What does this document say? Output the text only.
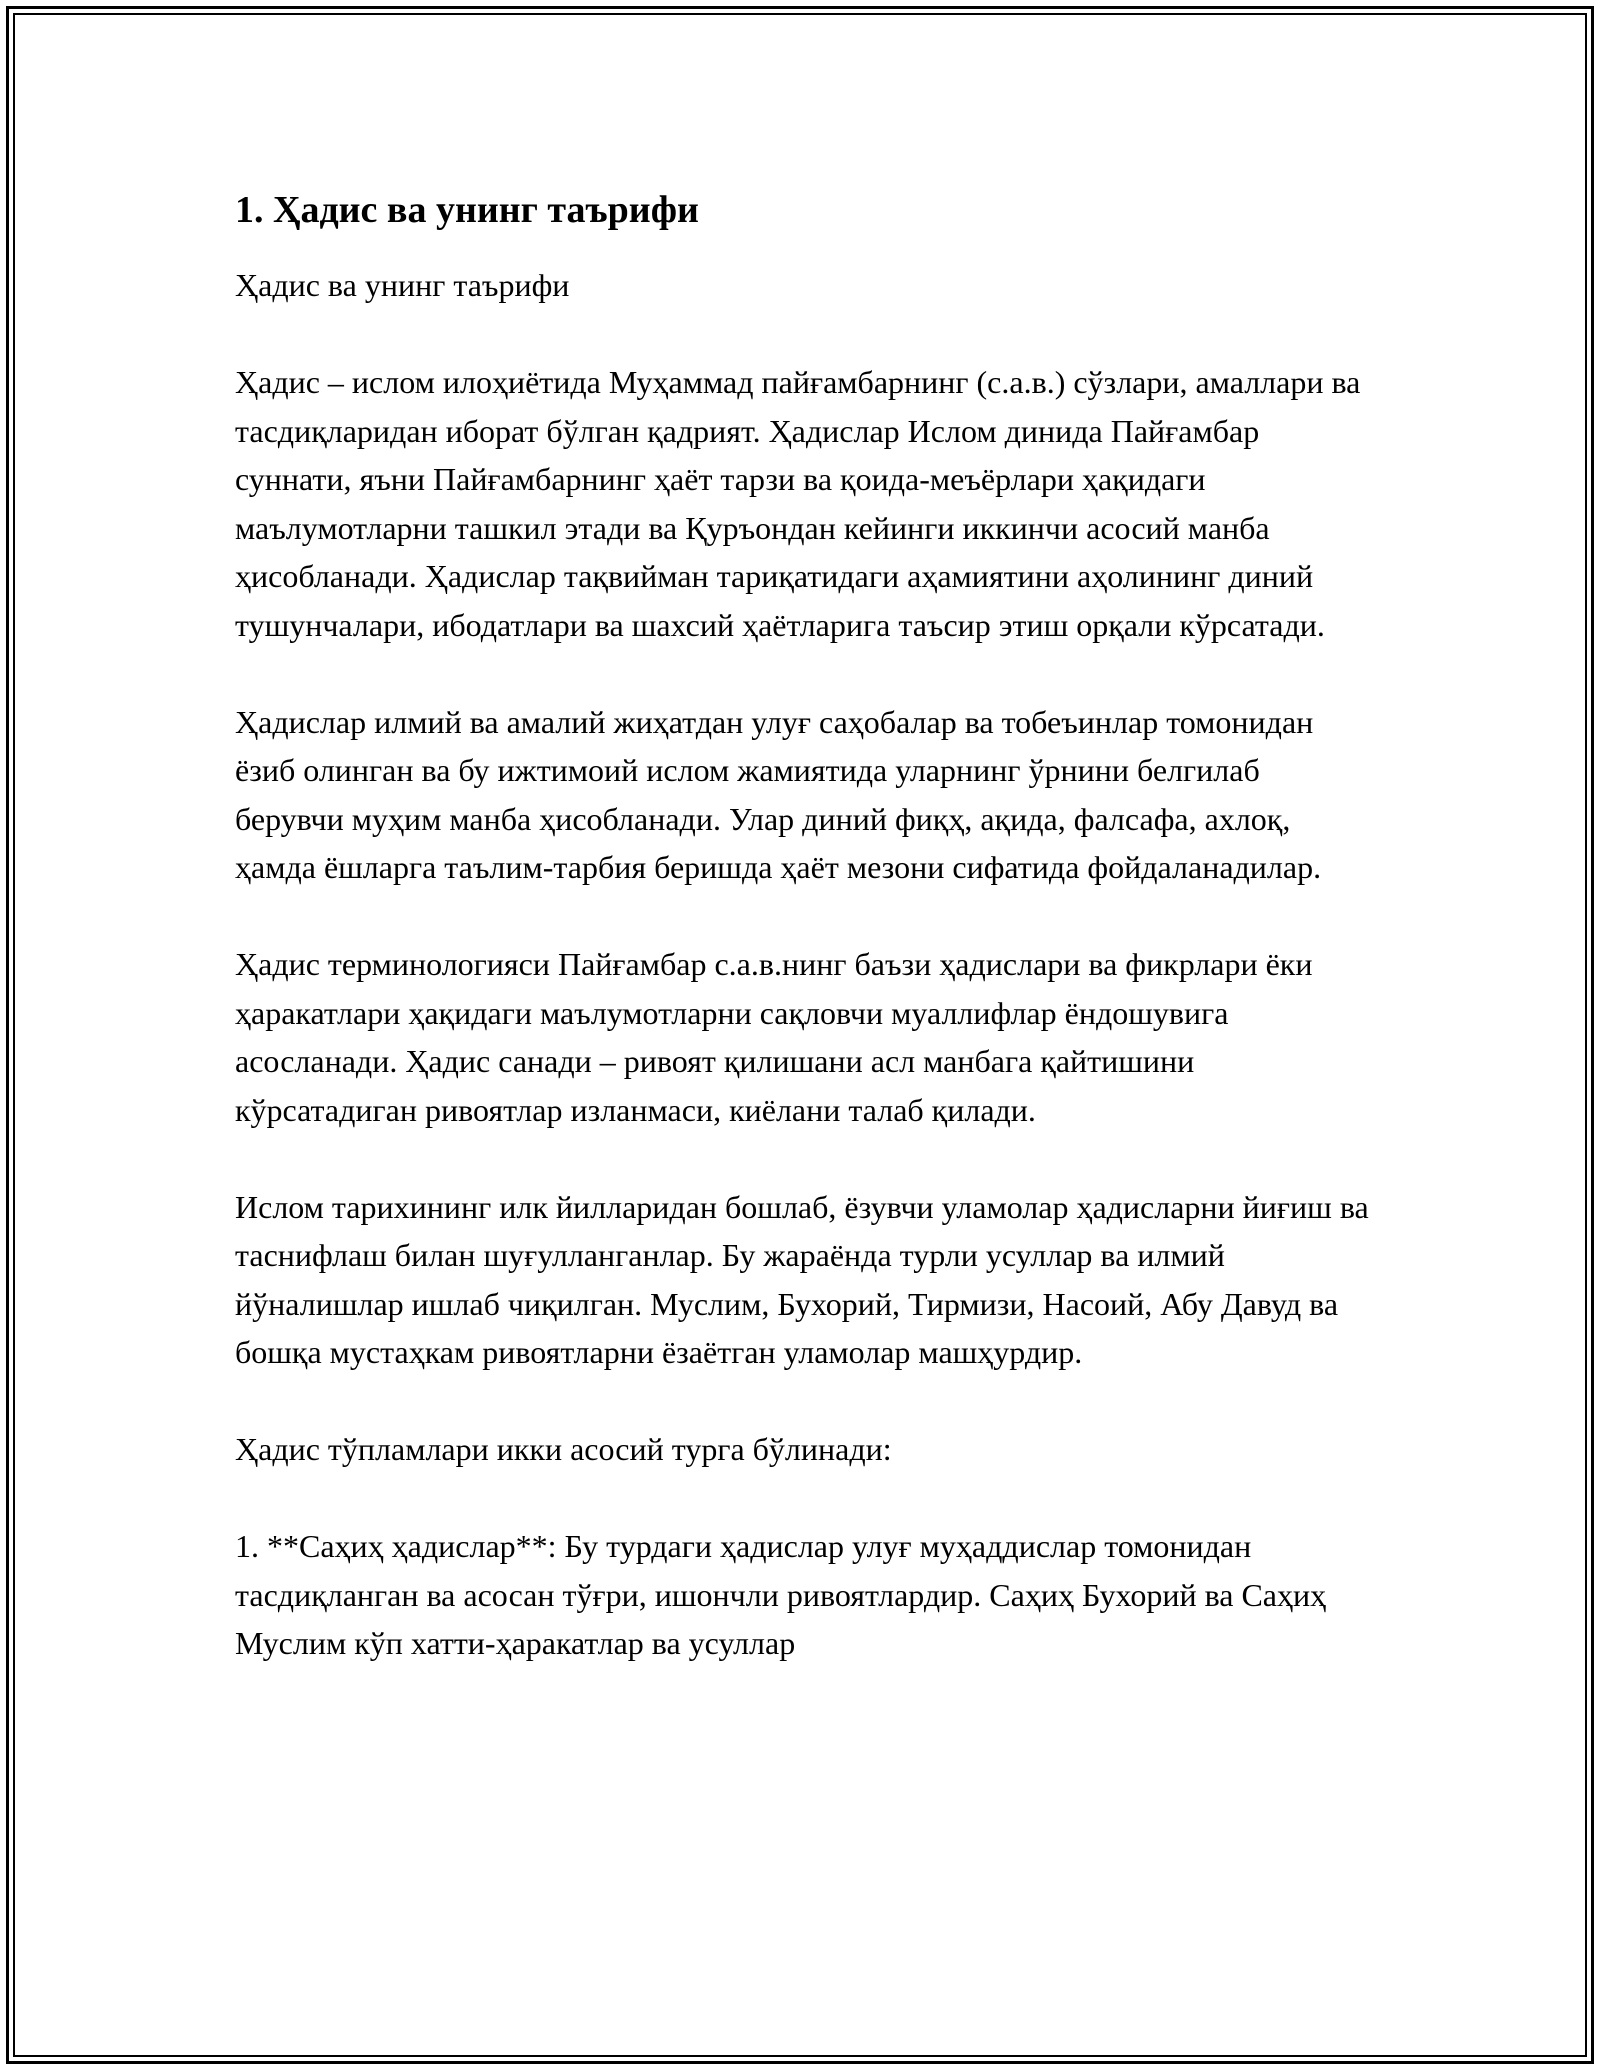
1. Ҳадис ва унинг таърифи

Ҳадис ва унинг таърифи

Ҳадис – ислом илоҳиётида Муҳаммад пайғамбарнинг (с.а.в.) сўзлари, амаллари ва тасдиқларидан иборат бўлган қадрият. Ҳадислар Ислом динида Пайғамбар суннати, яъни Пайғамбарнинг ҳаёт тарзи ва қоида-меъёрлари ҳақидаги маълумотларни ташкил этади ва Қуръондан кейинги иккинчи асосий манба ҳисобланади. Ҳадислар тақвийман тариқатидаги аҳамиятини аҳолининг диний тушунчалари, ибодатлари ва шахсий ҳаётларига таъсир этиш орқали кўрсатади.

Ҳадислар илмий ва амалий жиҳатдан улуғ саҳобалар ва тобеъинлар томонидан ёзиб олинган ва бу ижтимоий ислом жамиятида уларнинг ўрнини белгилаб берувчи муҳим манба ҳисобланади. Улар диний фиқҳ, ақида, фалсафа, ахлоқ, ҳамда ёшларга таълим-тарбия беришда ҳаёт мезони сифатида фойдаланадилар.

Ҳадис терминологияси Пайғамбар с.а.в.нинг баъзи ҳадислари ва фикрлари ёки ҳаракатлари ҳақидаги маълумотларни сақловчи муаллифлар ёндошувига асосланади. Ҳадис санади – ривоят қилишани асл манбага қайтишини кўрсатадиган ривоятлар изланмаси, киёлани талаб қилади.

Ислом тарихининг илк йилларидан бошлаб, ёзувчи уламолар ҳадисларни йиғиш ва таснифлаш билан шуғулланганлар. Бу жараёнда турли усуллар ва илмий йўналишлар ишлаб чиқилган. Муслим, Бухорий, Тирмизи, Насоий, Абу Давуд ва бошқа мустаҳкам ривоятларни ёзаётган уламолар машҳурдир.

Ҳадис тўпламлари икки асосий турга бўлинади:

1. **Саҳиҳ ҳадислар**: Бу турдаги ҳадислар улуғ муҳаддислар томонидан тасдиқланган ва асосан тўғри, ишончли ривоятлардир. Саҳиҳ Бухорий ва Саҳиҳ Муслим кўп хатти-ҳаракатлар ва усуллар
